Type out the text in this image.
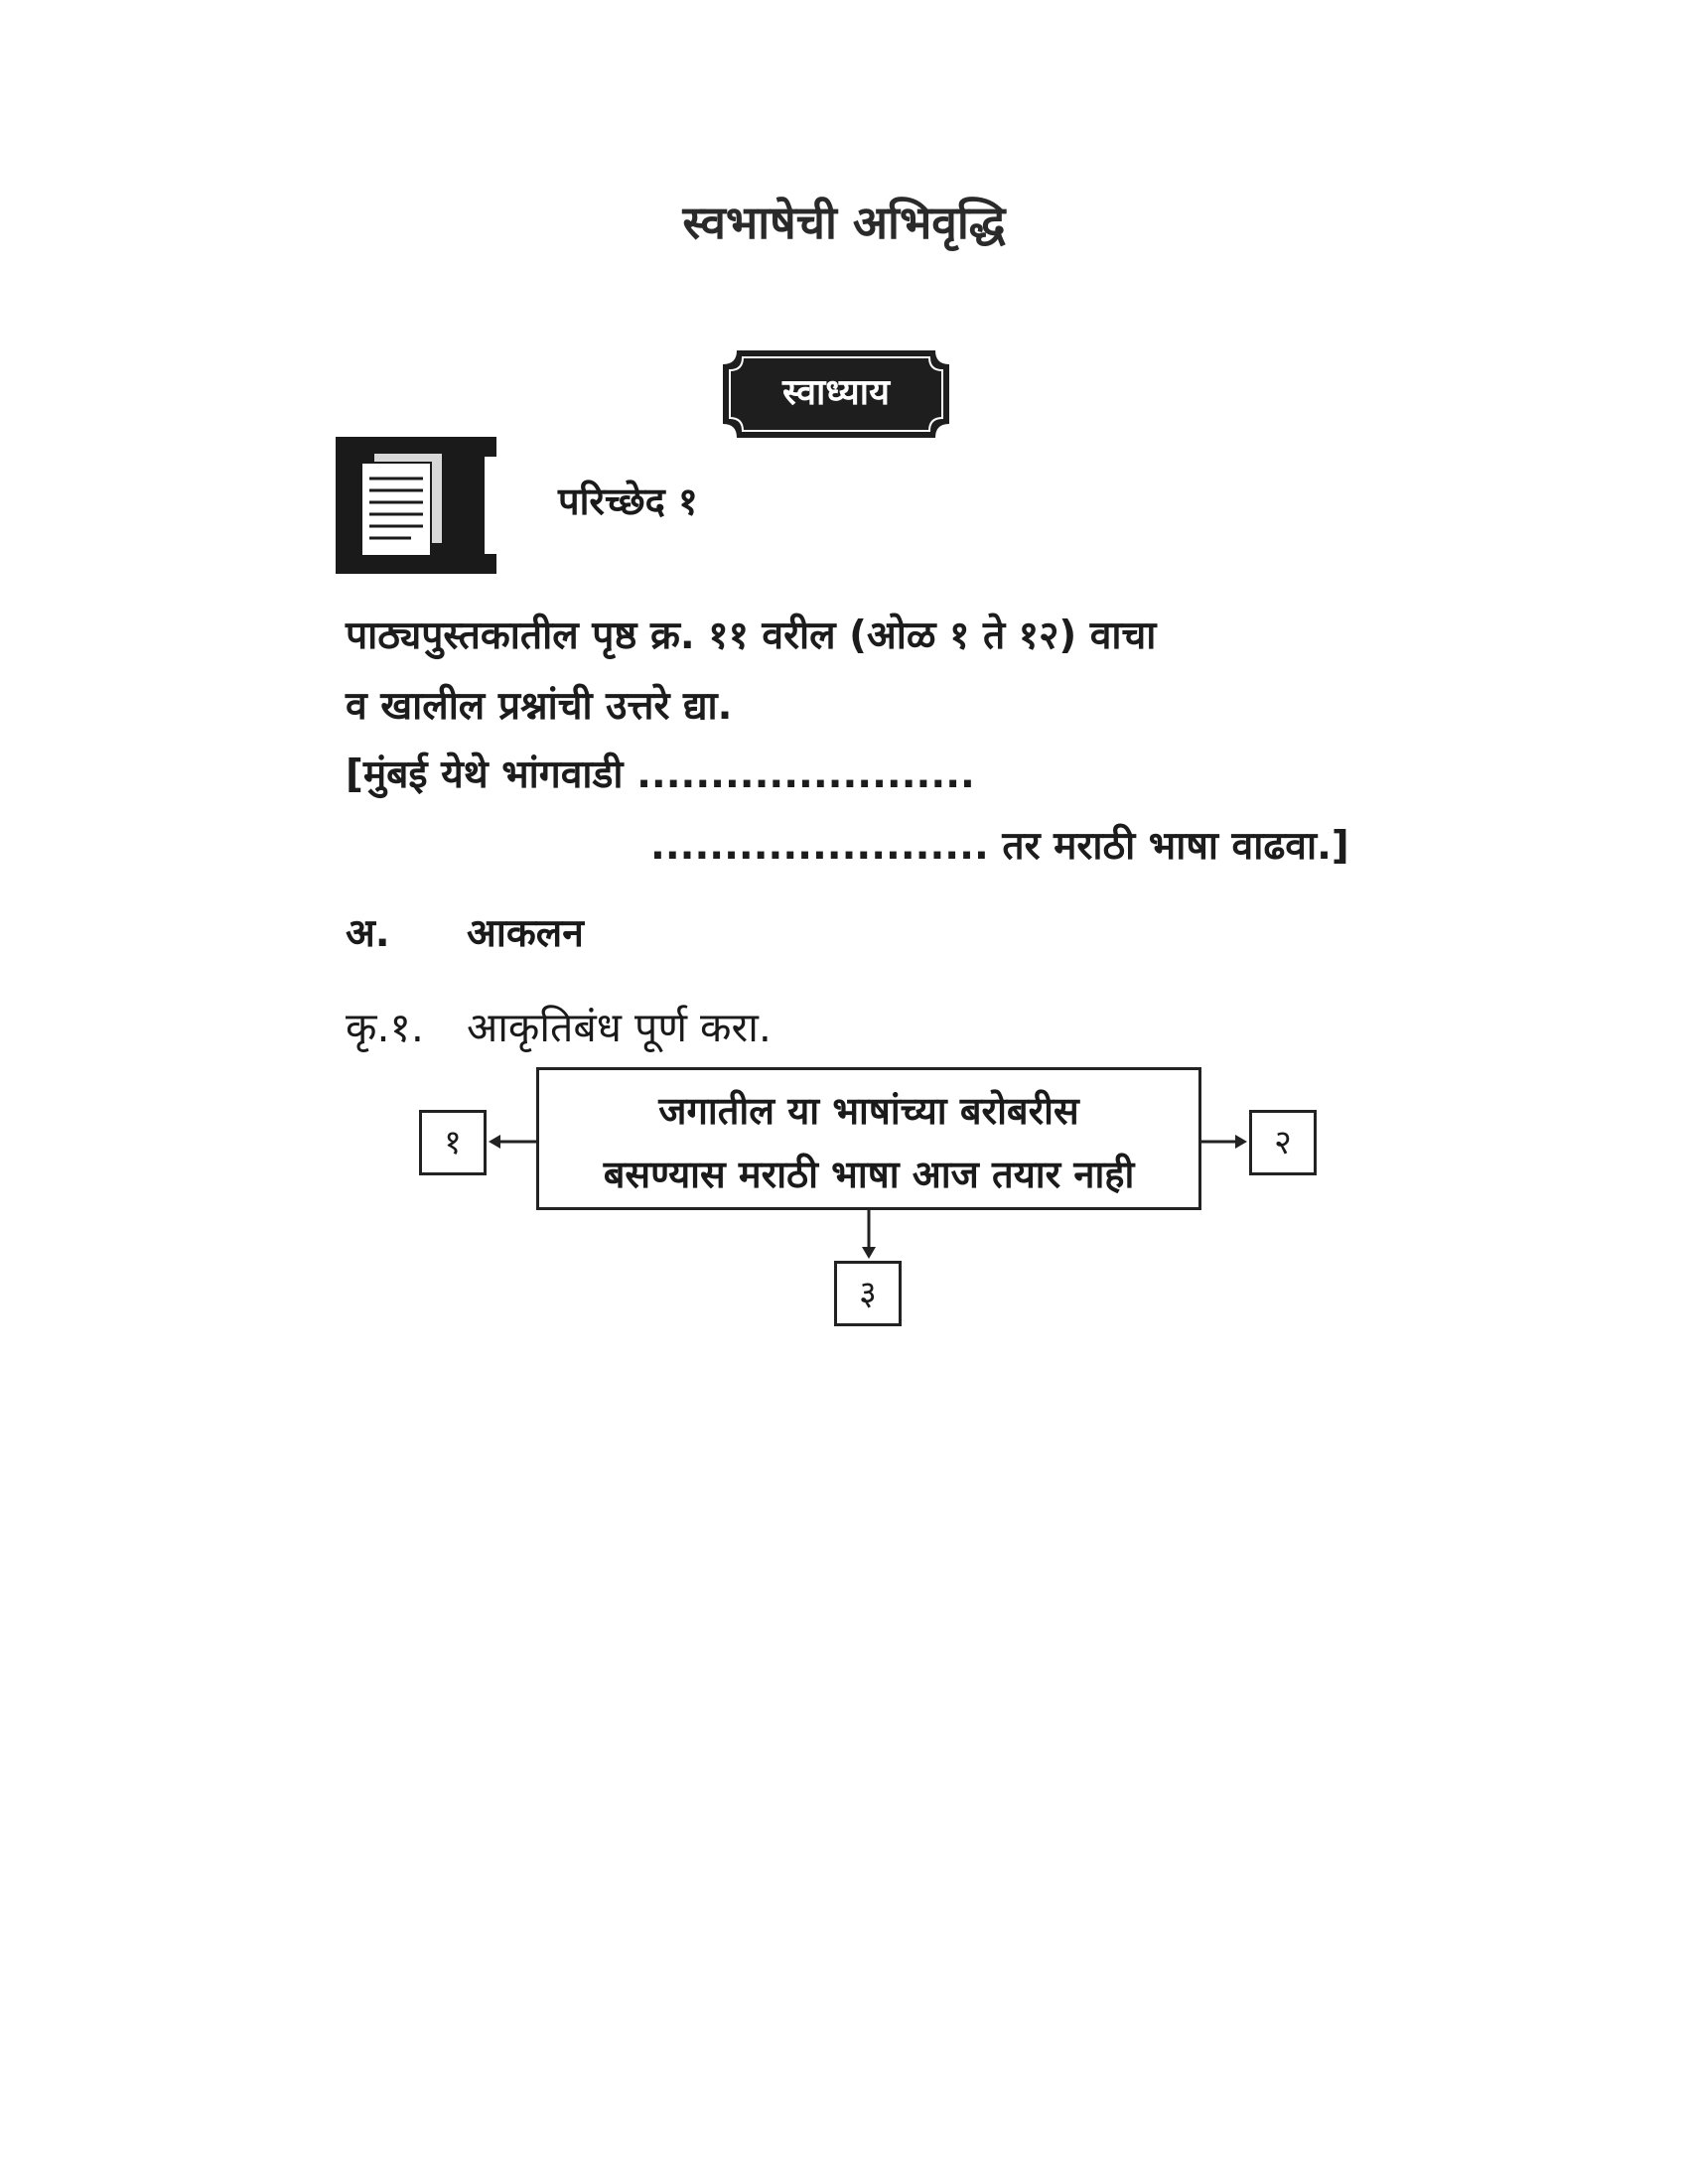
स्वभाषेची अभिवृद्धि
स्वाध्याय
परिच्छेद १
पाठ्यपुस्तकातील पृष्ठ क्र. ११ वरील (ओळ १ ते १२) वाचा
व खालील प्रश्नांची उत्तरे द्या.
[मुंबई येथे भांगवाडी .......................
....................... तर मराठी भाषा वाढवा.]
अ. आकलन
कृ.१. आकृतिबंध पूर्ण करा.
जगातील या भाषांच्या बरोबरीस
बसण्यास मराठी भाषा आज तयार नाही
१	२
३
